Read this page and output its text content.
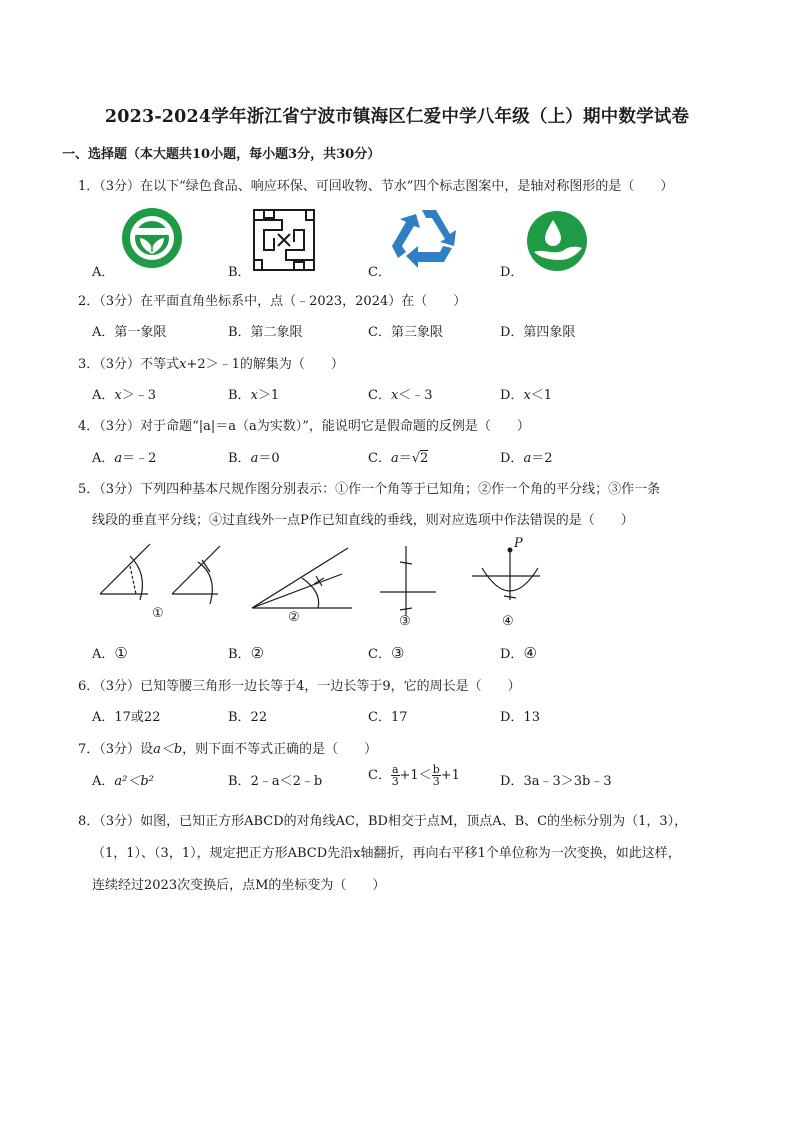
2023-2024学年浙江省宁波市镇海区仁爱中学八年级（上）期中数学试卷
一、选择题（本大题共10小题，每小题3分，共30分）
1．（3分）在以下“绿色食品、响应环保、可回收物、节水”四个标志图案中，是轴对称图形的是（　　）
A．	B．	C．	D．
2．（3分）在平面直角坐标系中，点（﹣2023，2024）在（　　）
A．第一象限	B．第二象限	C．第三象限	D．第四象限
3．（3分）不等式x+2＞﹣1的解集为（　　）
A．x＞﹣3	B．x＞1	C．x＜﹣3	D．x＜1
4．（3分）对于命题“|a|＝a（a为实数）”，能说明它是假命题的反例是（　　）
A．a＝﹣2	B．a＝0	C．a＝√2	D．a＝2
5．（3分）下列四种基本尺规作图分别表示：①作一个角等于已知角；②作一个角的平分线；③作一条
线段的垂直平分线；④过直线外一点P作已知直线的垂线，则对应选项中作法错误的是（　　）
P
①	②	③	④
A．①	B．②	C．③	D．④
6．（3分）已知等腰三角形一边长等于4，一边长等于9，它的周长是（　　）
A．17或22	B．22	C．17	D．13
7．（3分）设a＜b，则下面不等式正确的是（　　）
A．a²＜b²	B．2﹣a＜2﹣b	C． $\frac{a}{3} +1< \frac{b}{3} +1$	D．3a﹣3＞3b﹣3
8．（3分）如图，已知正方形ABCD的对角线AC，BD相交于点M，顶点A、B、C的坐标分别为（1，3），
（1，1）、（3，1），规定把正方形ABCD先沿x轴翻折，再向右平移1个单位称为一次变换，如此这样，
连续经过2023次变换后，点M的坐标变为（　　）
